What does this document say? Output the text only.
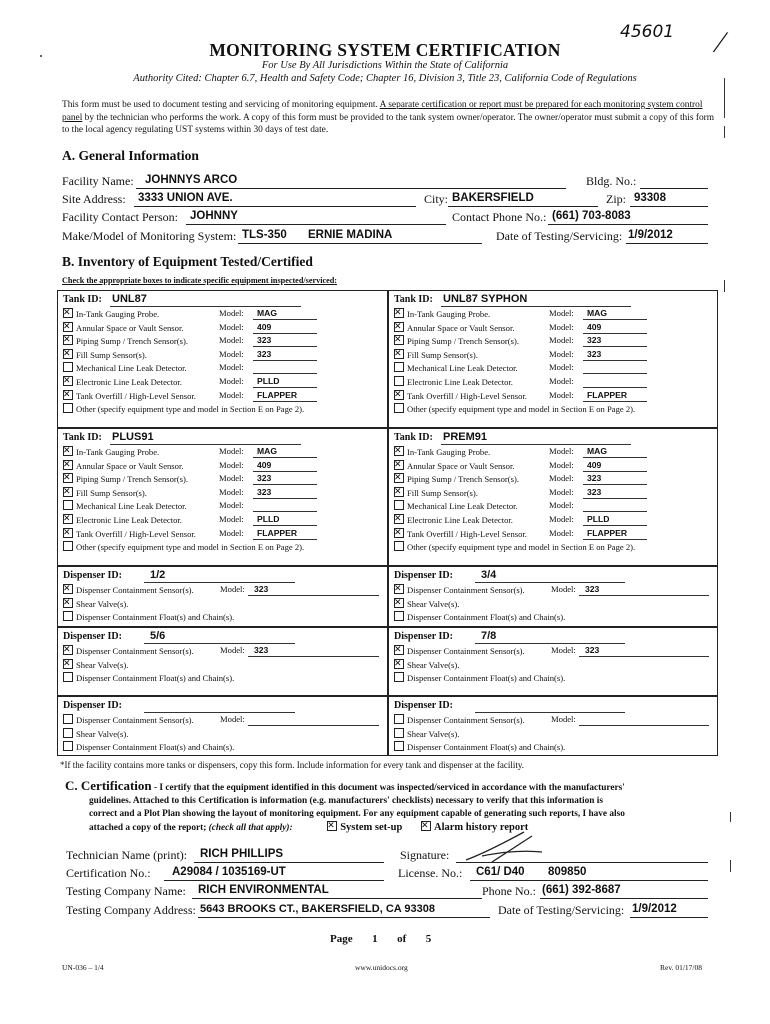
45601 ∕
MONITORING SYSTEM CERTIFICATION
For Use By All Jurisdictions Within the State of California
Authority Cited: Chapter 6.7, Health and Safety Code; Chapter 16, Division 3, Title 23, California Code of Regulations
This form must be used to document testing and servicing of monitoring equipment. A separate certification or report must be prepared for each monitoring system control panel by the technician who performs the work. A copy of this form must be provided to the tank system owner/operator. The owner/operator must submit a copy of this form to the local agency regulating UST systems within 30 days of test date.
A. General Information
Facility Name: JOHNNYS ARCO	Bldg. No.:
Site Address: 3333 UNION AVE.	City: BAKERSFIELD	Zip: 93308
Facility Contact Person: JOHNNY	Contact Phone No.: (661) 703-8083
Make/Model of Monitoring System: TLS-350 ERNIE MADINA	Date of Testing/Servicing: 1/9/2012
B. Inventory of Equipment Tested/Certified
Check the appropriate boxes to indicate specific equipment inspected/serviced:
Tank ID: UNL87
✕In-Tank Gauging Probe.	Model: MAG
✕Annular Space or Vault Sensor.	Model: 409
✕Piping Sump / Trench Sensor(s).	Model: 323
✕Fill Sump Sensor(s).	Model: 323
Mechanical Line Leak Detector.	Model:
✕Electronic Line Leak Detector.	Model: PLLD
✕Tank Overfill / High-Level Sensor.	Model: FLAPPER
Other (specify equipment type and model in Section E on Page 2).
Tank ID: UNL87 SYPHON
✕In-Tank Gauging Probe.	Model: MAG
✕Annular Space or Vault Sensor.	Model: 409
✕Piping Sump / Trench Sensor(s).	Model: 323
✕Fill Sump Sensor(s).	Model: 323
Mechanical Line Leak Detector.	Model:
Electronic Line Leak Detector.	Model:
✕Tank Overfill / High-Level Sensor.	Model: FLAPPER
Other (specify equipment type and model in Section E on Page 2).
Tank ID: PLUS91
✕In-Tank Gauging Probe.	Model: MAG
✕Annular Space or Vault Sensor.	Model: 409
✕Piping Sump / Trench Sensor(s).	Model: 323
✕Fill Sump Sensor(s).	Model: 323
Mechanical Line Leak Detector.	Model:
✕Electronic Line Leak Detector.	Model: PLLD
✕Tank Overfill / High-Level Sensor.	Model: FLAPPER
Other (specify equipment type and model in Section E on Page 2).
Tank ID: PREM91
✕In-Tank Gauging Probe.	Model: MAG
✕Annular Space or Vault Sensor.	Model: 409
✕Piping Sump / Trench Sensor(s).	Model: 323
✕Fill Sump Sensor(s).	Model: 323
Mechanical Line Leak Detector.	Model:
✕Electronic Line Leak Detector.	Model: PLLD
✕Tank Overfill / High-Level Sensor.	Model: FLAPPER
Other (specify equipment type and model in Section E on Page 2).
Dispenser ID:	1/2
✕Dispenser Containment Sensor(s).	Model: 323
✕Shear Valve(s).
Dispenser Containment Float(s) and Chain(s).
Dispenser ID:	3/4
✕Dispenser Containment Sensor(s).	Model: 323
✕Shear Valve(s).
Dispenser Containment Float(s) and Chain(s).
Dispenser ID:	5/6
✕Dispenser Containment Sensor(s).	Model: 323
✕Shear Valve(s).
Dispenser Containment Float(s) and Chain(s).
Dispenser ID:	7/8
✕Dispenser Containment Sensor(s).	Model: 323
✕Shear Valve(s).
Dispenser Containment Float(s) and Chain(s).
Dispenser ID:
Dispenser Containment Sensor(s).	Model:
Shear Valve(s).
Dispenser Containment Float(s) and Chain(s).
Dispenser ID:
Dispenser Containment Sensor(s).	Model:
Shear Valve(s).
Dispenser Containment Float(s) and Chain(s).
*If the facility contains more tanks or dispensers, copy this form. Include information for every tank and dispenser at the facility.
C. Certification - I certify that the equipment identified in this document was inspected/serviced in accordance with the manufacturers'
guidelines. Attached to this Certification is information (e.g. manufacturers' checklists) necessary to verify that this information is
correct and a Plot Plan showing the layout of monitoring equipment. For any equipment capable of generating such reports, I have also
attached a copy of the report; (check all that apply): ✕	System set-up ✕	Alarm history report
Technician Name (print): RICH PHILLIPS	Signature:
Certification No.: A29084 / 1035169-UT	License. No.: C61/ D40 809850
Testing Company Name: RICH ENVIRONMENTAL	Phone No.: (661) 392-8687
Testing Company Address: 5643 BROOKS CT., BAKERSFIELD, CA 93308	Date of Testing/Servicing: 1/9/2012
Page 1 of 5
UN-036 – 1/4	www.unidocs.org	Rev. 01/17/08
